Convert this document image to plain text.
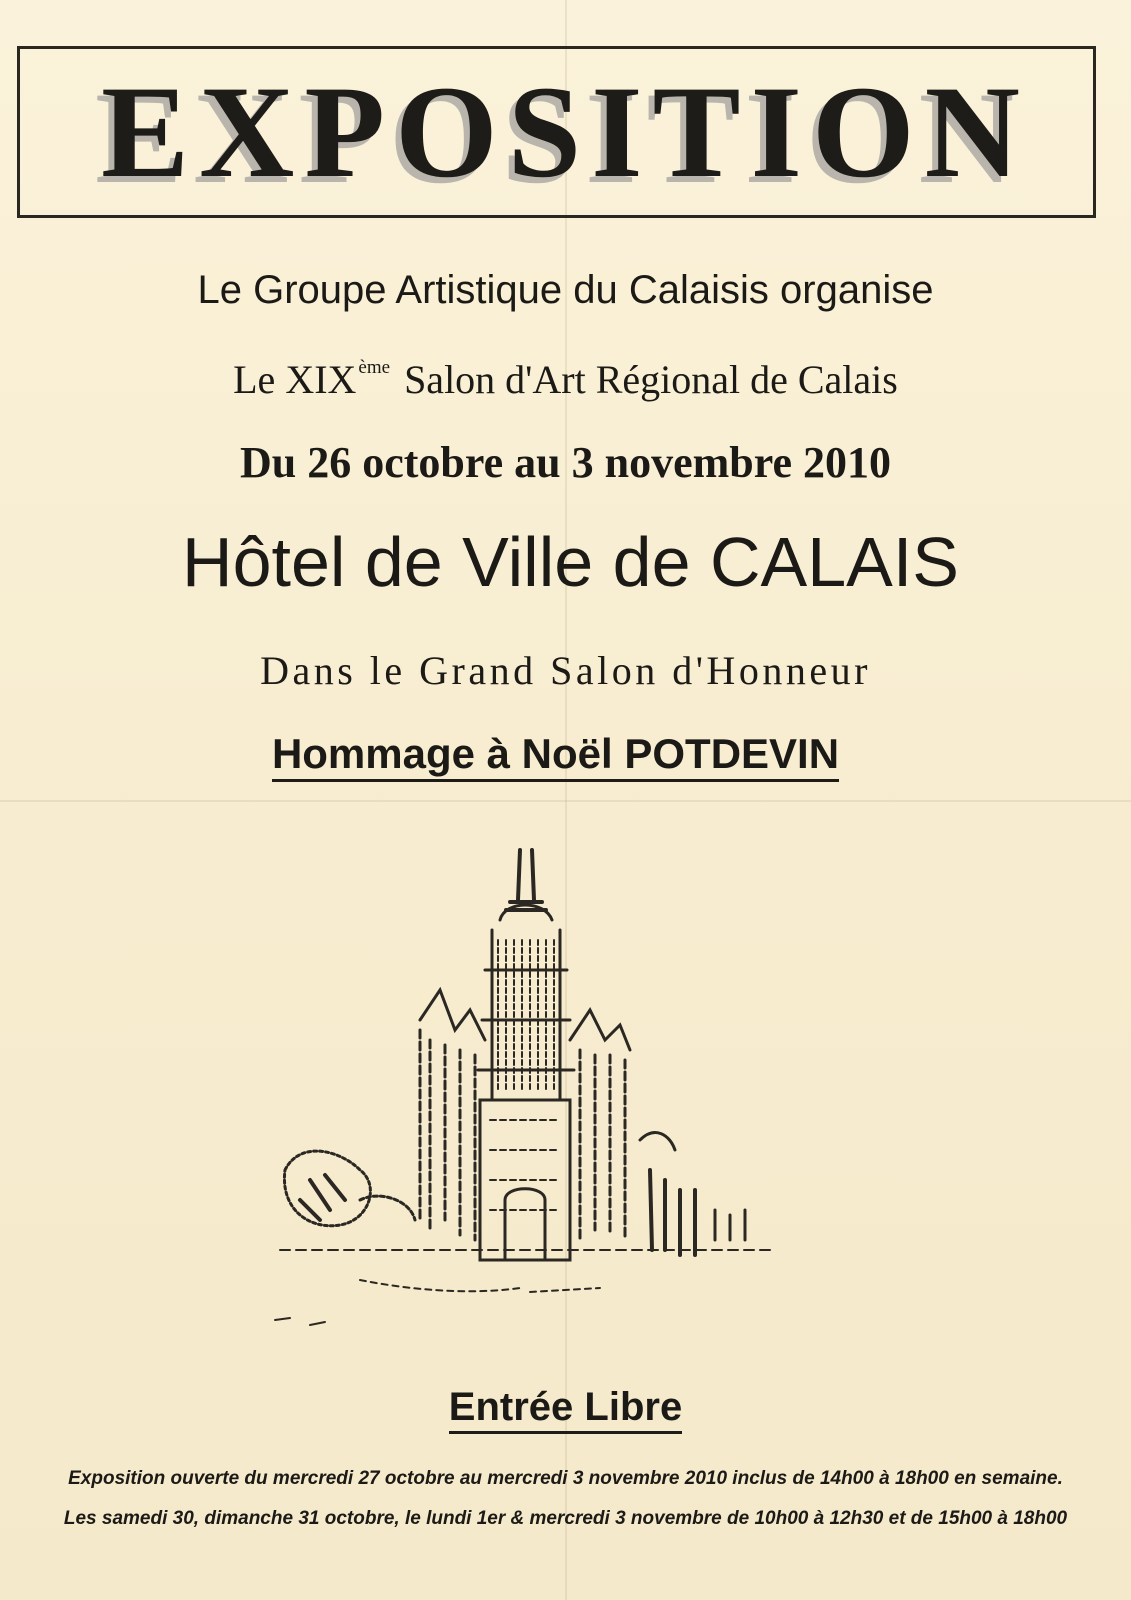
EXPOSITION
Le Groupe Artistique du Calaisis organise
Le XIX $^{ème}$ Salon d'Art Régional de Calais
Du 26 octobre au 3 novembre 2010
Hôtel de Ville de CALAIS
Dans le Grand Salon d'Honneur
Hommage à Noël POTDEVIN
Entrée Libre
Exposition ouverte du mercredi 27 octobre au mercredi 3 novembre 2010 inclus de 14h00 à 18h00 en semaine.
Les samedi 30, dimanche 31 octobre, le lundi 1er & mercredi 3 novembre de 10h00 à 12h30 et de 15h00 à 18h00
